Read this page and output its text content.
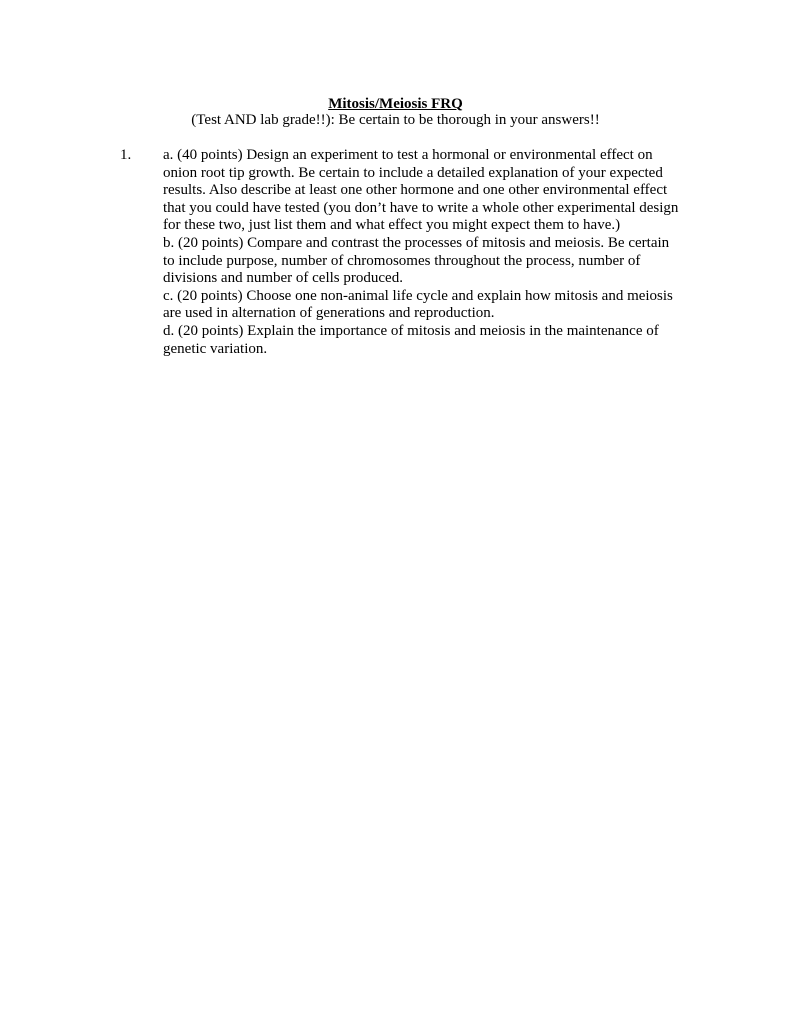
Mitosis/Meiosis FRQ
(Test AND lab grade!!): Be certain to be thorough in your answers!!
1. a. (40 points) Design an experiment to test a hormonal or environmental effect on onion root tip growth. Be certain to include a detailed explanation of your expected results. Also describe at least one other hormone and one other environmental effect that you could have tested (you don’t have to write a whole other experimental design for these two, just list them and what effect you might expect them to have.)
b. (20 points) Compare and contrast the processes of mitosis and meiosis. Be certain to include purpose, number of chromosomes throughout the process, number of divisions and number of cells produced.
c. (20 points) Choose one non-animal life cycle and explain how mitosis and meiosis are used in alternation of generations and reproduction.
d. (20 points) Explain the importance of mitosis and meiosis in the maintenance of genetic variation.
